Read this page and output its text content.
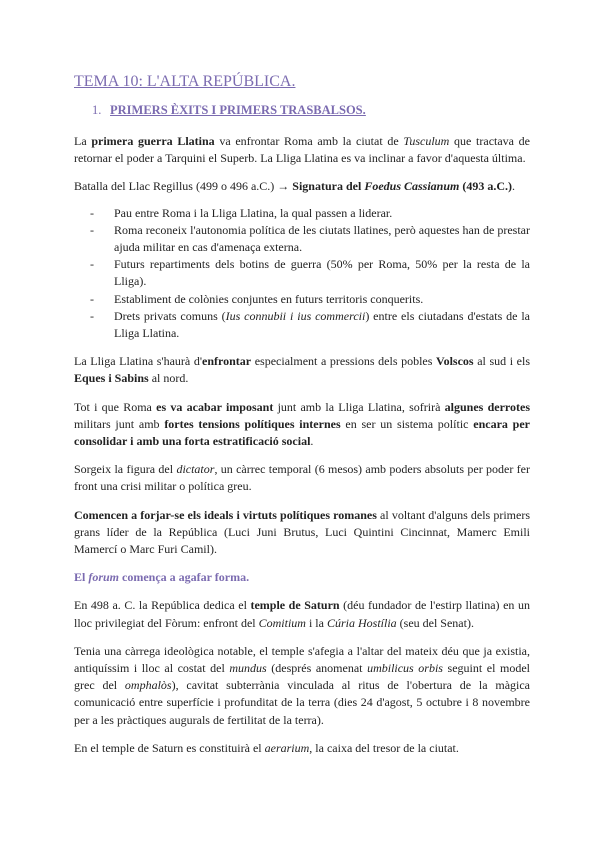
TEMA 10: L'ALTA REPÚBLICA.
1. PRIMERS ÈXITS I PRIMERS TRASBALSOS.

La primera guerra Llatina va enfrontar Roma amb la ciutat de Tusculum que tractava de retornar el poder a Tarquini el Superb. La Lliga Llatina es va inclinar a favor d'aquesta última.

Batalla del Llac Regillus (499 o 496 a.C.) → Signatura del Foedus Cassianum (493 a.C.).

- Pau entre Roma i la Lliga Llatina, la qual passen a liderar.
- Roma reconeix l'autonomia política de les ciutats llatines, però aquestes han de prestar ajuda militar en cas d'amenaça externa.
- Futurs repartiments dels botins de guerra (50% per Roma, 50% per la resta de la Lliga).
- Establiment de colònies conjuntes en futurs territoris conquerits.
- Drets privats comuns (Ius connubii i ius commercii) entre els ciutadans d'estats de la Lliga Llatina.

La Lliga Llatina s'haurà d'enfrontar especialment a pressions dels pobles Volscos al sud i els Eques i Sabins al nord.

Tot i que Roma es va acabar imposant junt amb la Lliga Llatina, sofrirà algunes derrotes militars junt amb fortes tensions polítiques internes en ser un sistema polític encara per consolidar i amb una forta estratificació social.

Sorgeix la figura del dictator, un càrrec temporal (6 mesos) amb poders absoluts per poder fer front una crisi militar o política greu.

Comencen a forjar-se els ideals i virtuts polítiques romanes al voltant d'alguns dels primers grans líder de la República (Luci Juni Brutus, Luci Quintini Cincinnat, Mamerc Emili Mamercí o Marc Furi Camil).

El forum comença a agafar forma.

En 498 a. C. la República dedica el temple de Saturn (déu fundador de l'estirp llatina) en un lloc privilegiat del Fòrum: enfront del Comitium i la Cúria Hostília (seu del Senat).

Tenia una càrrega ideològica notable, el temple s'afegia a l'altar del mateix déu que ja existia, antiquíssim i lloc al costat del mundus (després anomenat umbilicus orbis seguint el model grec del omphalòs), cavitat subterrània vinculada al ritus de l'obertura de la màgica comunicació entre superfície i profunditat de la terra (dies 24 d'agost, 5 octubre i 8 novembre per a les pràctiques augurals de fertilitat de la terra).

En el temple de Saturn es constituirà el aerarium, la caixa del tresor de la ciutat.
